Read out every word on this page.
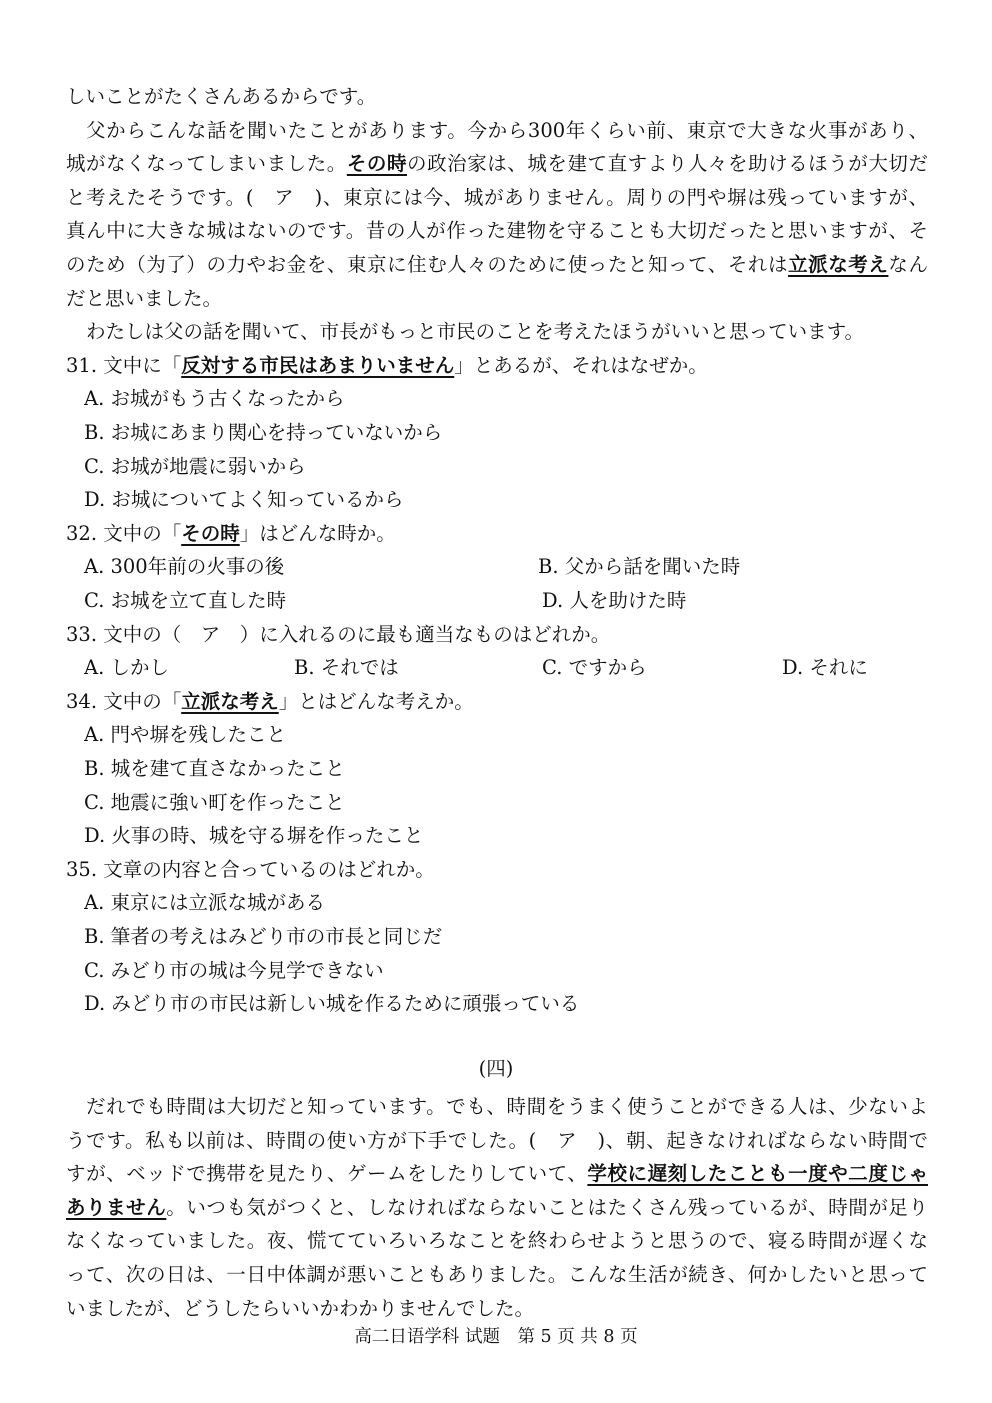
しいことがたくさんあるからです。
父からこんな話を聞いたことがあります。今から300年くらい前、東京で大きな火事があり、
城がなくなってしまいました。その時の政治家は、城を建て直すより人々を助けるほうが大切だ
と考えたそうです。(　ア　)、東京には今、城がありません。周りの門や塀は残っていますが、
真ん中に大きな城はないのです。昔の人が作った建物を守ることも大切だったと思いますが、そ
のため（为了）の力やお金を、東京に住む人々のために使ったと知って、それは立派な考えなん
だと思いました。
わたしは父の話を聞いて、市長がもっと市民のことを考えたほうがいいと思っています。
31. 文中に「反対する市民はあまりいません」とあるが、それはなぜか。
A. お城がもう古くなったから
B. お城にあまり関心を持っていないから
C. お城が地震に弱いから
D. お城についてよく知っているから
32. 文中の「その時」はどんな時か。
A. 300年前の火事の後	B. 父から話を聞いた時
C. お城を立て直した時	D. 人を助けた時
33. 文中の（　ア　）に入れるのに最も適当なものはどれか。
A. しかし	B. それでは	C. ですから	D. それに
34. 文中の「立派な考え」とはどんな考えか。
A. 門や塀を残したこと
B. 城を建て直さなかったこと
C. 地震に強い町を作ったこと
D. 火事の時、城を守る塀を作ったこと
35. 文章の内容と合っているのはどれか。
A. 東京には立派な城がある
B. 筆者の考えはみどり市の市長と同じだ
C. みどり市の城は今見学できない
D. みどり市の市民は新しい城を作るために頑張っている
(四)
だれでも時間は大切だと知っています。でも、時間をうまく使うことができる人は、少ないよ
うです。私も以前は、時間の使い方が下手でした。(　ア　)、朝、起きなければならない時間で
すが、ベッドで携帯を見たり、ゲームをしたりしていて、学校に遅刻したことも一度や二度じゃ
ありません。いつも気がつくと、しなければならないことはたくさん残っているが、時間が足り
なくなっていました。夜、慌てていろいろなことを終わらせようと思うので、寝る時間が遅くな
って、次の日は、一日中体調が悪いこともありました。こんな生活が続き、何かしたいと思って
いましたが、どうしたらいいかわかりませんでした。
高二日语学科 试题　第 5 页 共 8 页
